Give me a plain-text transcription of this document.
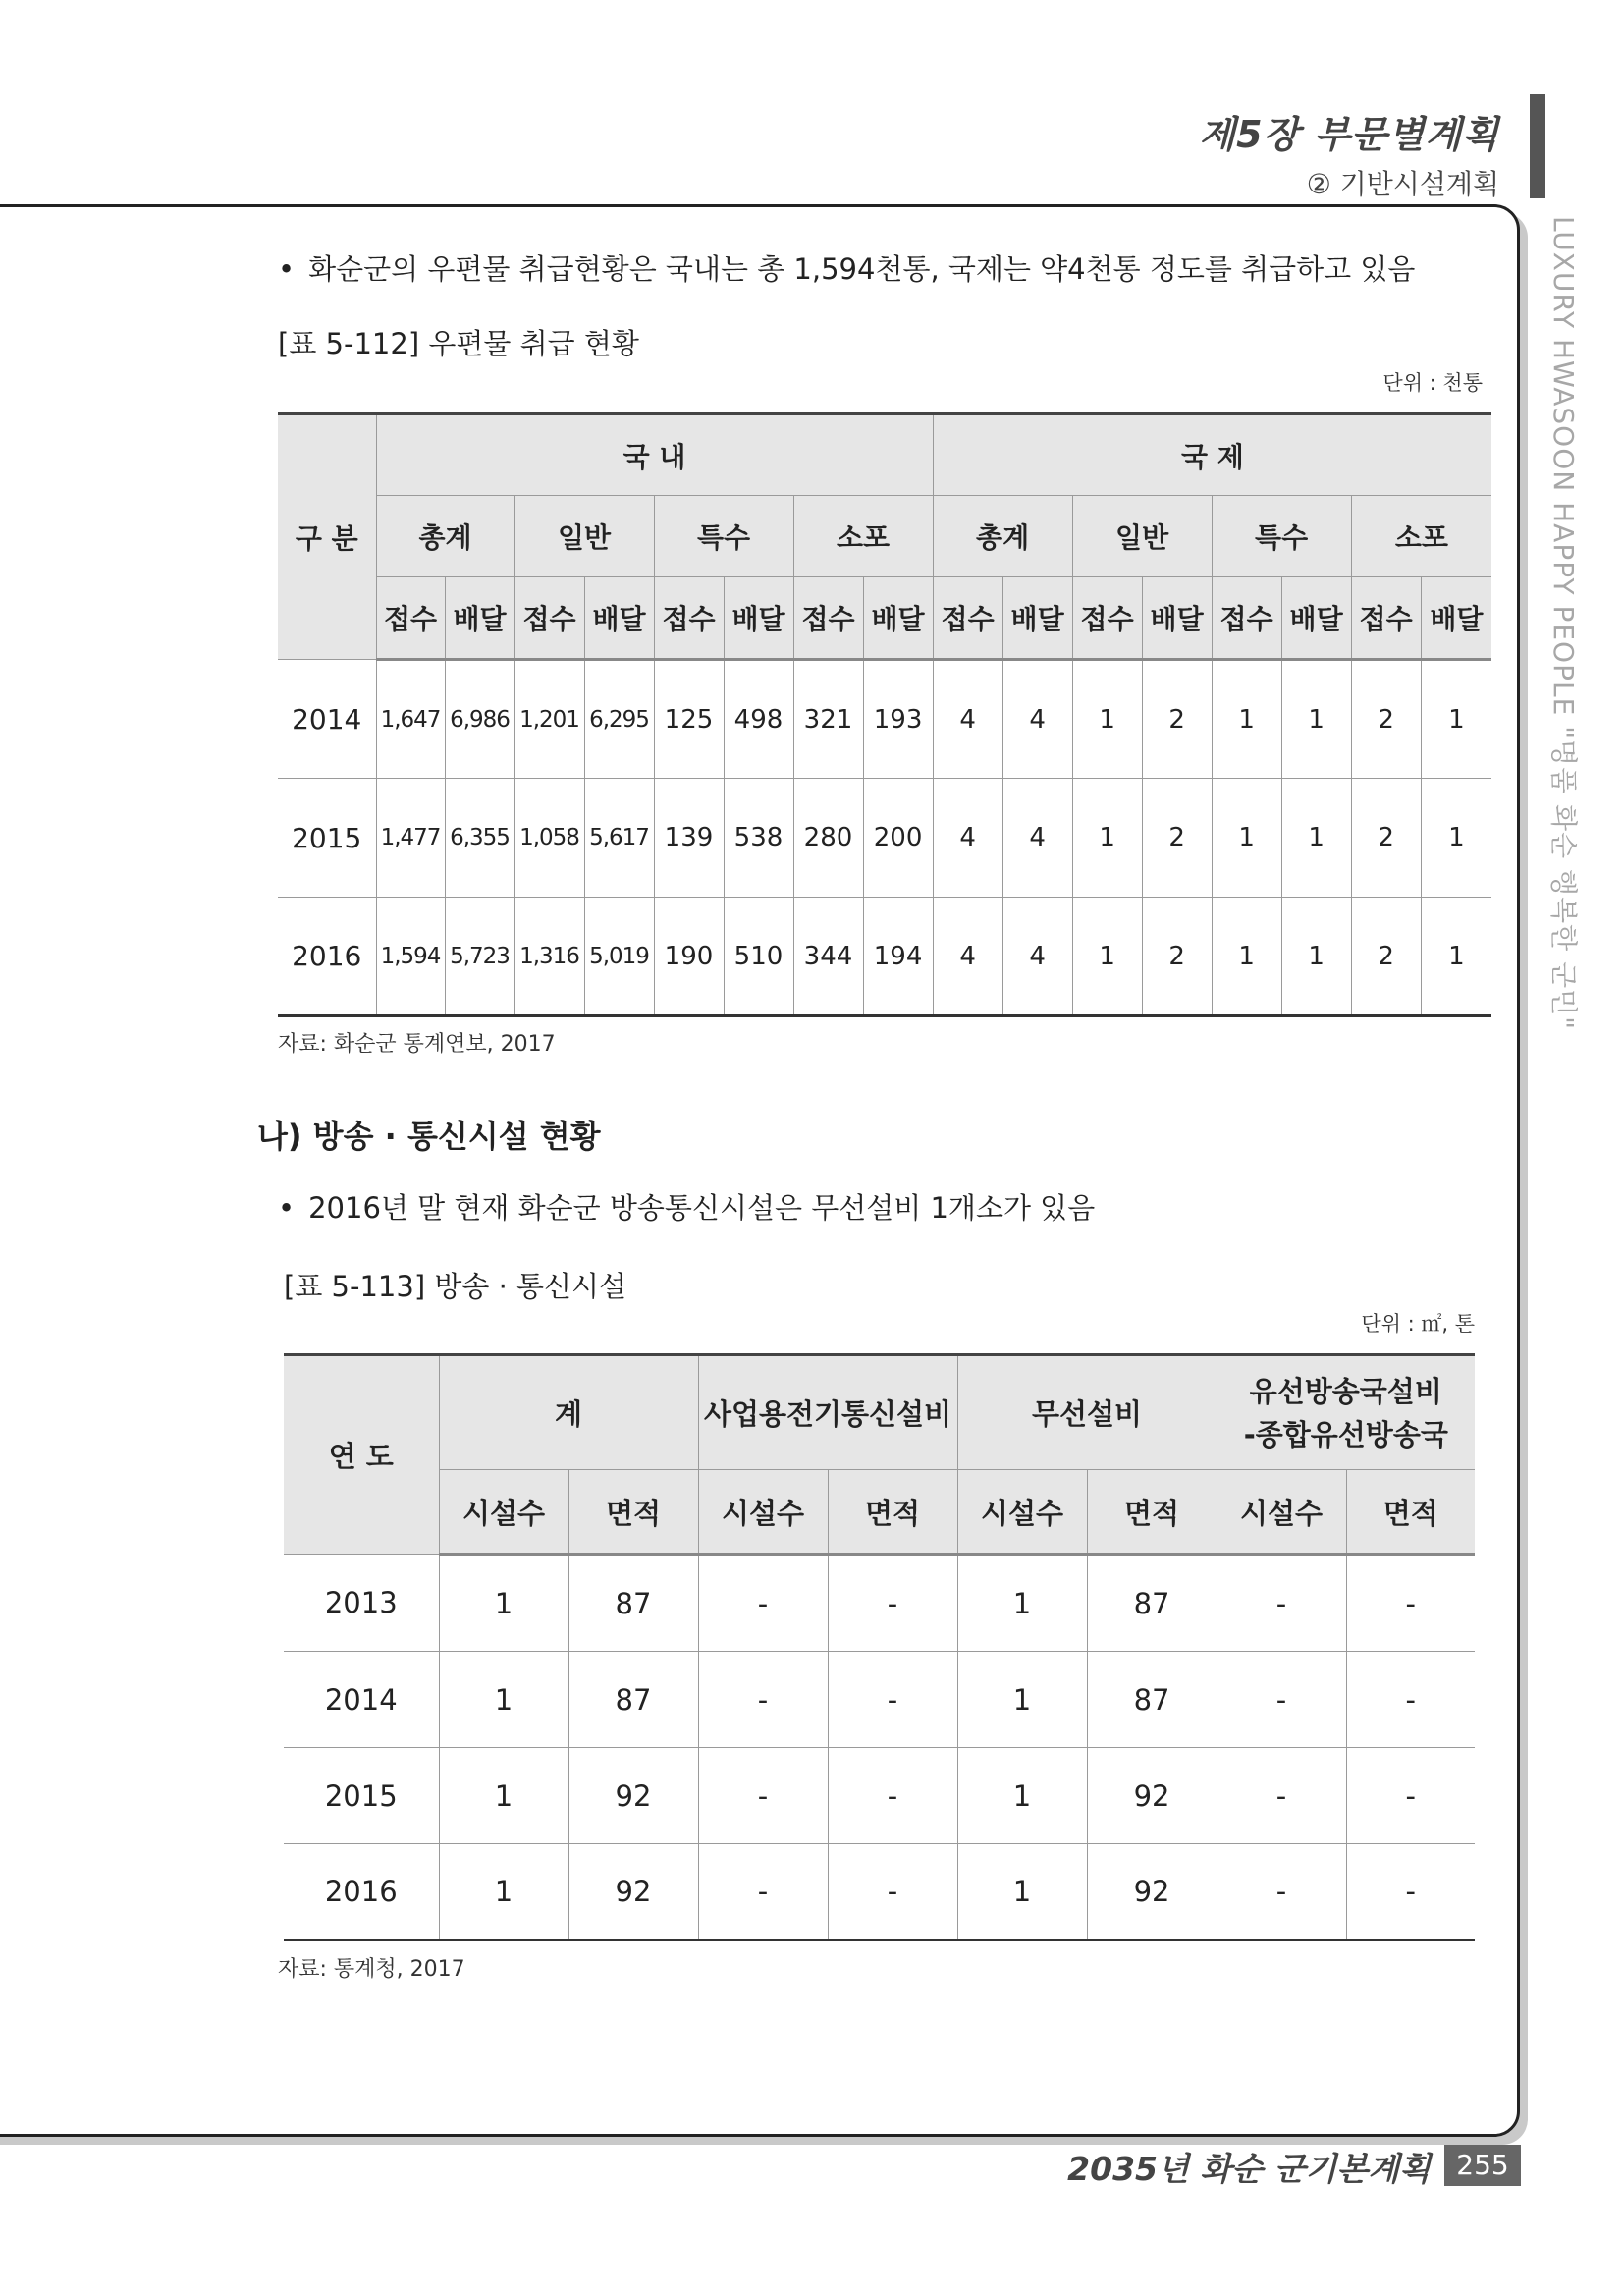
제5장 부문별계획
② 기반시설계획
LUXURY HWASOON HAPPY PEOPLE "명품 화순 행복한 군민"
• 화순군의 우편물 취급현황은 국내는 총 1,594천통, 국제는 약4천통 정도를 취급하고 있음
[표 5-112] 우편물 취급 현황
단위 : 천통
구 분	국 내								국 제							
	총계		일반		특수		소포		총계		일반		특수		소포	
	접수	배달	접수	배달	접수	배달	접수	배달	접수	배달	접수	배달	접수	배달	접수	배달
2014	1,647	6,986	1,201	6,295	125	498	321	193	4	4	1	2	1	1	2	1
2015	1,477	6,355	1,058	5,617	139	538	280	200	4	4	1	2	1	1	2	1
2016	1,594	5,723	1,316	5,019	190	510	344	194	4	4	1	2	1	1	2	1
자료: 화순군 통계연보, 2017
나) 방송 · 통신시설 현황
• 2016년 말 현재 화순군 방송통신시설은 무선설비 1개소가 있음
[표 5-113] 방송 · 통신시설
단위 : ㎡, 톤
연 도	계		사업용전기통신설비		무선설비		유선방송국설비
-종합유선방송국	

	시설수	면적	시설수	면적	시설수	면적	시설수	면적
2013	1	87	-	-	1	87	-	-
2014	1	87	-	-	1	87	-	-
2015	1	92	-	-	1	92	-	-
2016	1	92	-	-	1	92	-	-
자료: 통계청, 2017
2035년 화순 군기본계획 255
